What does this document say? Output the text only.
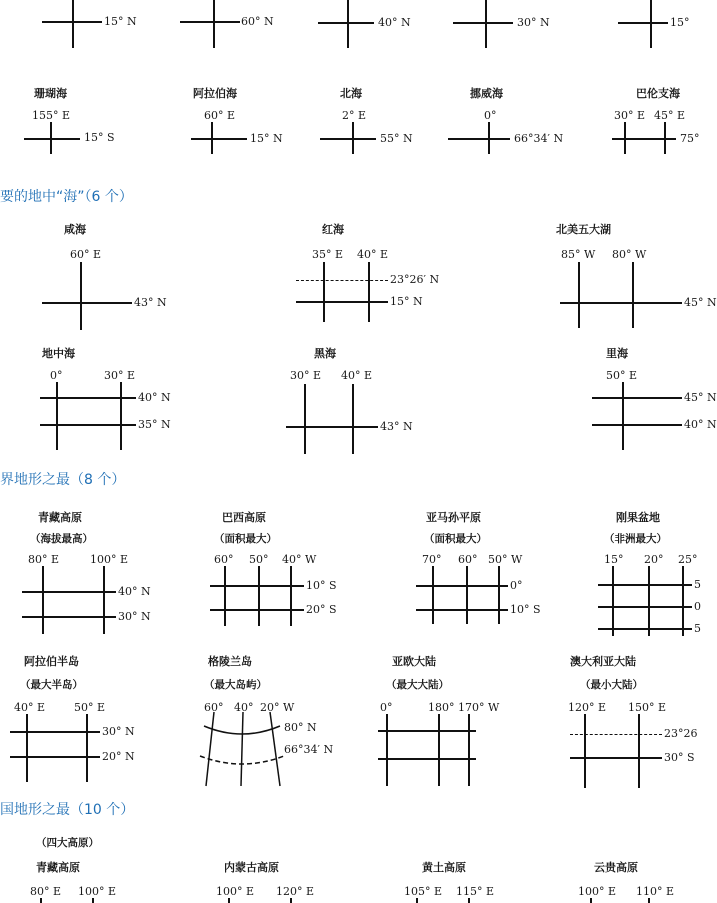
15° N	60° N	40° N	30° N	15°
珊瑚海
155° E
15° S
阿拉伯海
60° E
15° N
北海
2° E
55° N
挪威海
0°
66°34′ N
巴伦支海
30° E 45° E
75°
要的地中“海”（6 个）
咸海
60° E
43° N
红海
35° E 40° E
23°26′ N
15° N
北美五大湖
85° W 80° W
45° N
地中海
0°	30° E
40° N
35° N
黑海
30° E 40° E
43° N
里海
50° E
45° N
40° N
界地形之最（8 个）
青藏高原
（海拔最高）
80° E	100° E
40° N
30° N
巴西高原
（面积最大）
60° 50° 40° W
10° S
20° S
亚马孙平原
（面积最大）
70° 60° 50° W
0°
10° S
刚果盆地
（非洲最大）
15° 20° 25°
5
0
5
阿拉伯半岛
（最大半岛）
40° E	50° E
30° N
20° N
格陵兰岛
（最大岛屿）
60° 40° 20° W
80° N
66°34′ N
亚欧大陆
（最大大陆）
0°	180° 170° W
澳大利亚大陆
（最小大陆）
120° E 150° E
23°26
30° S
国地形之最（10 个）
（四大高原）
青藏高原
80° E 100° E
内蒙古高原
100° E 120° E
黄土高原
105° E 115° E
云贵高原
100° E 110° E
